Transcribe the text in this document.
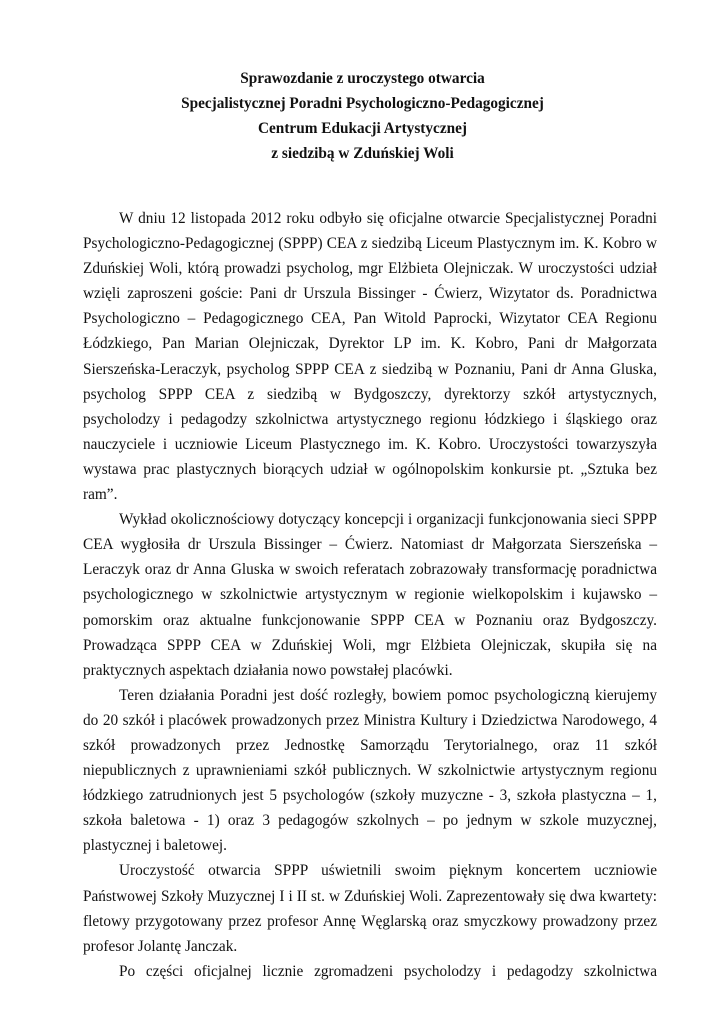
Sprawozdanie z uroczystego otwarcia
Specjalistycznej Poradni Psychologiczno-Pedagogicznej
Centrum Edukacji Artystycznej
z siedzibą w Zduńskiej Woli

W dniu 12 listopada 2012 roku odbyło się oficjalne otwarcie Specjalistycznej Poradni Psychologiczno-Pedagogicznej (SPPP) CEA z siedzibą Liceum Plastycznym im. K. Kobro w Zduńskiej Woli, którą prowadzi psycholog, mgr Elżbieta Olejniczak. W uroczystości udział wzięli zaproszeni goście: Pani dr Urszula Bissinger - Ćwierz, Wizytator ds. Poradnictwa Psychologiczno – Pedagogicznego CEA, Pan Witold Paprocki, Wizytator CEA Regionu Łódzkiego, Pan Marian Olejniczak, Dyrektor LP im. K. Kobro, Pani dr Małgorzata Sierszeńska-Leraczyk, psycholog SPPP CEA z siedzibą w Poznaniu, Pani dr Anna Gluska, psycholog SPPP CEA z siedzibą w Bydgoszczy, dyrektorzy szkół artystycznych, psycholodzy i pedagodzy szkolnictwa artystycznego regionu łódzkiego i śląskiego oraz nauczyciele i uczniowie Liceum Plastycznego im. K. Kobro. Uroczystości towarzyszyła wystawa prac plastycznych biorących udział w ogólnopolskim konkursie pt. „Sztuka bez ram”.

Wykład okolicznościowy dotyczący koncepcji i organizacji funkcjonowania sieci SPPP CEA wygłosiła dr Urszula Bissinger – Ćwierz. Natomiast dr Małgorzata Sierszeńska – Leraczyk oraz dr Anna Gluska w swoich referatach zobrazowały transformację poradnictwa psychologicznego w szkolnictwie artystycznym w regionie wielkopolskim i kujawsko – pomorskim oraz aktualne funkcjonowanie SPPP CEA w Poznaniu oraz Bydgoszczy. Prowadząca SPPP CEA w Zduńskiej Woli, mgr Elżbieta Olejniczak, skupiła się na praktycznych aspektach działania nowo powstałej placówki.

Teren działania Poradni jest dość rozległy, bowiem pomoc psychologiczną kierujemy do 20 szkół i placówek prowadzonych przez Ministra Kultury i Dziedzictwa Narodowego, 4 szkół prowadzonych przez Jednostkę Samorządu Terytorialnego, oraz 11 szkół niepublicznych z uprawnieniami szkół publicznych. W szkolnictwie artystycznym regionu łódzkiego zatrudnionych jest 5 psychologów (szkoły muzyczne - 3, szkoła plastyczna – 1, szkoła baletowa - 1) oraz 3 pedagogów szkolnych – po jednym w szkole muzycznej, plastycznej i baletowej.

Uroczystość otwarcia SPPP uświetnili swoim pięknym koncertem uczniowie Państwowej Szkoły Muzycznej I i II st. w Zduńskiej Woli. Zaprezentowały się dwa kwartety: fletowy przygotowany przez profesor Annę Węglarską oraz smyczkowy prowadzony przez profesor Jolantę Janczak.

Po części oficjalnej licznie zgromadzeni psycholodzy i pedagodzy szkolnictwa
